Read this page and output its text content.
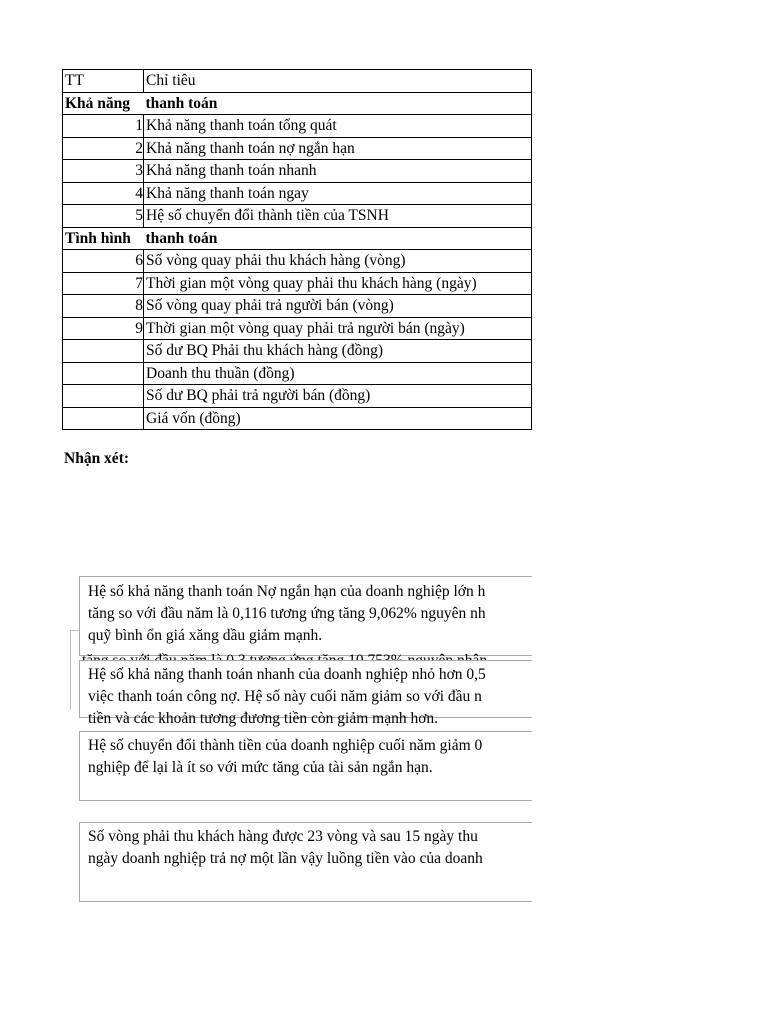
TT	Chỉ tiêu
Khả năng	thanh toán
1	Khả năng thanh toán tổng quát
2	Khả năng thanh toán nợ ngắn hạn
3	Khả năng thanh toán nhanh
4	Khả năng thanh toán ngay
5	Hệ số chuyển đổi thành tiền của TSNH
Tình hình	thanh toán
6	Số vòng quay phải thu khách hàng (vòng)
7	Thời gian một vòng quay phải thu khách hàng (ngày)
8	Số vòng quay phải trả người bán (vòng)
9	Thời gian một vòng quay phải trả người bán (ngày)
	Số dư BQ Phải thu khách hàng (đồng)
	Doanh thu thuần (đồng)
	Số dư BQ phải trả người bán (đồng)
	Giá vốn (đồng)
Nhận xét:

Hệ số khả năng thanh toán Nợ ngắn hạn của doanh nghiệp lớn h

tăng so với đầu năm là 0,116 tương ứng tăng 9,062% nguyên nh

quỹ bình ổn giá xăng dầu giảm mạnh.

Hệ số khả năng thanh toán nhanh của doanh nghiệp nhỏ hơn 0,5

việc thanh toán công nợ. Hệ số này cuối năm giảm so với đầu n

tiền và các khoản tương đương tiền còn giảm mạnh hơn.

Hệ số chuyển đổi thành tiền của doanh nghiệp cuối năm giảm 0

nghiệp để lại là ít so với mức tăng của tài sản ngắn hạn.

Số vòng phải thu khách hàng được 23 vòng và sau 15 ngày thu

ngày doanh nghiệp trả nợ một lần vậy luồng tiền vào của doanh
